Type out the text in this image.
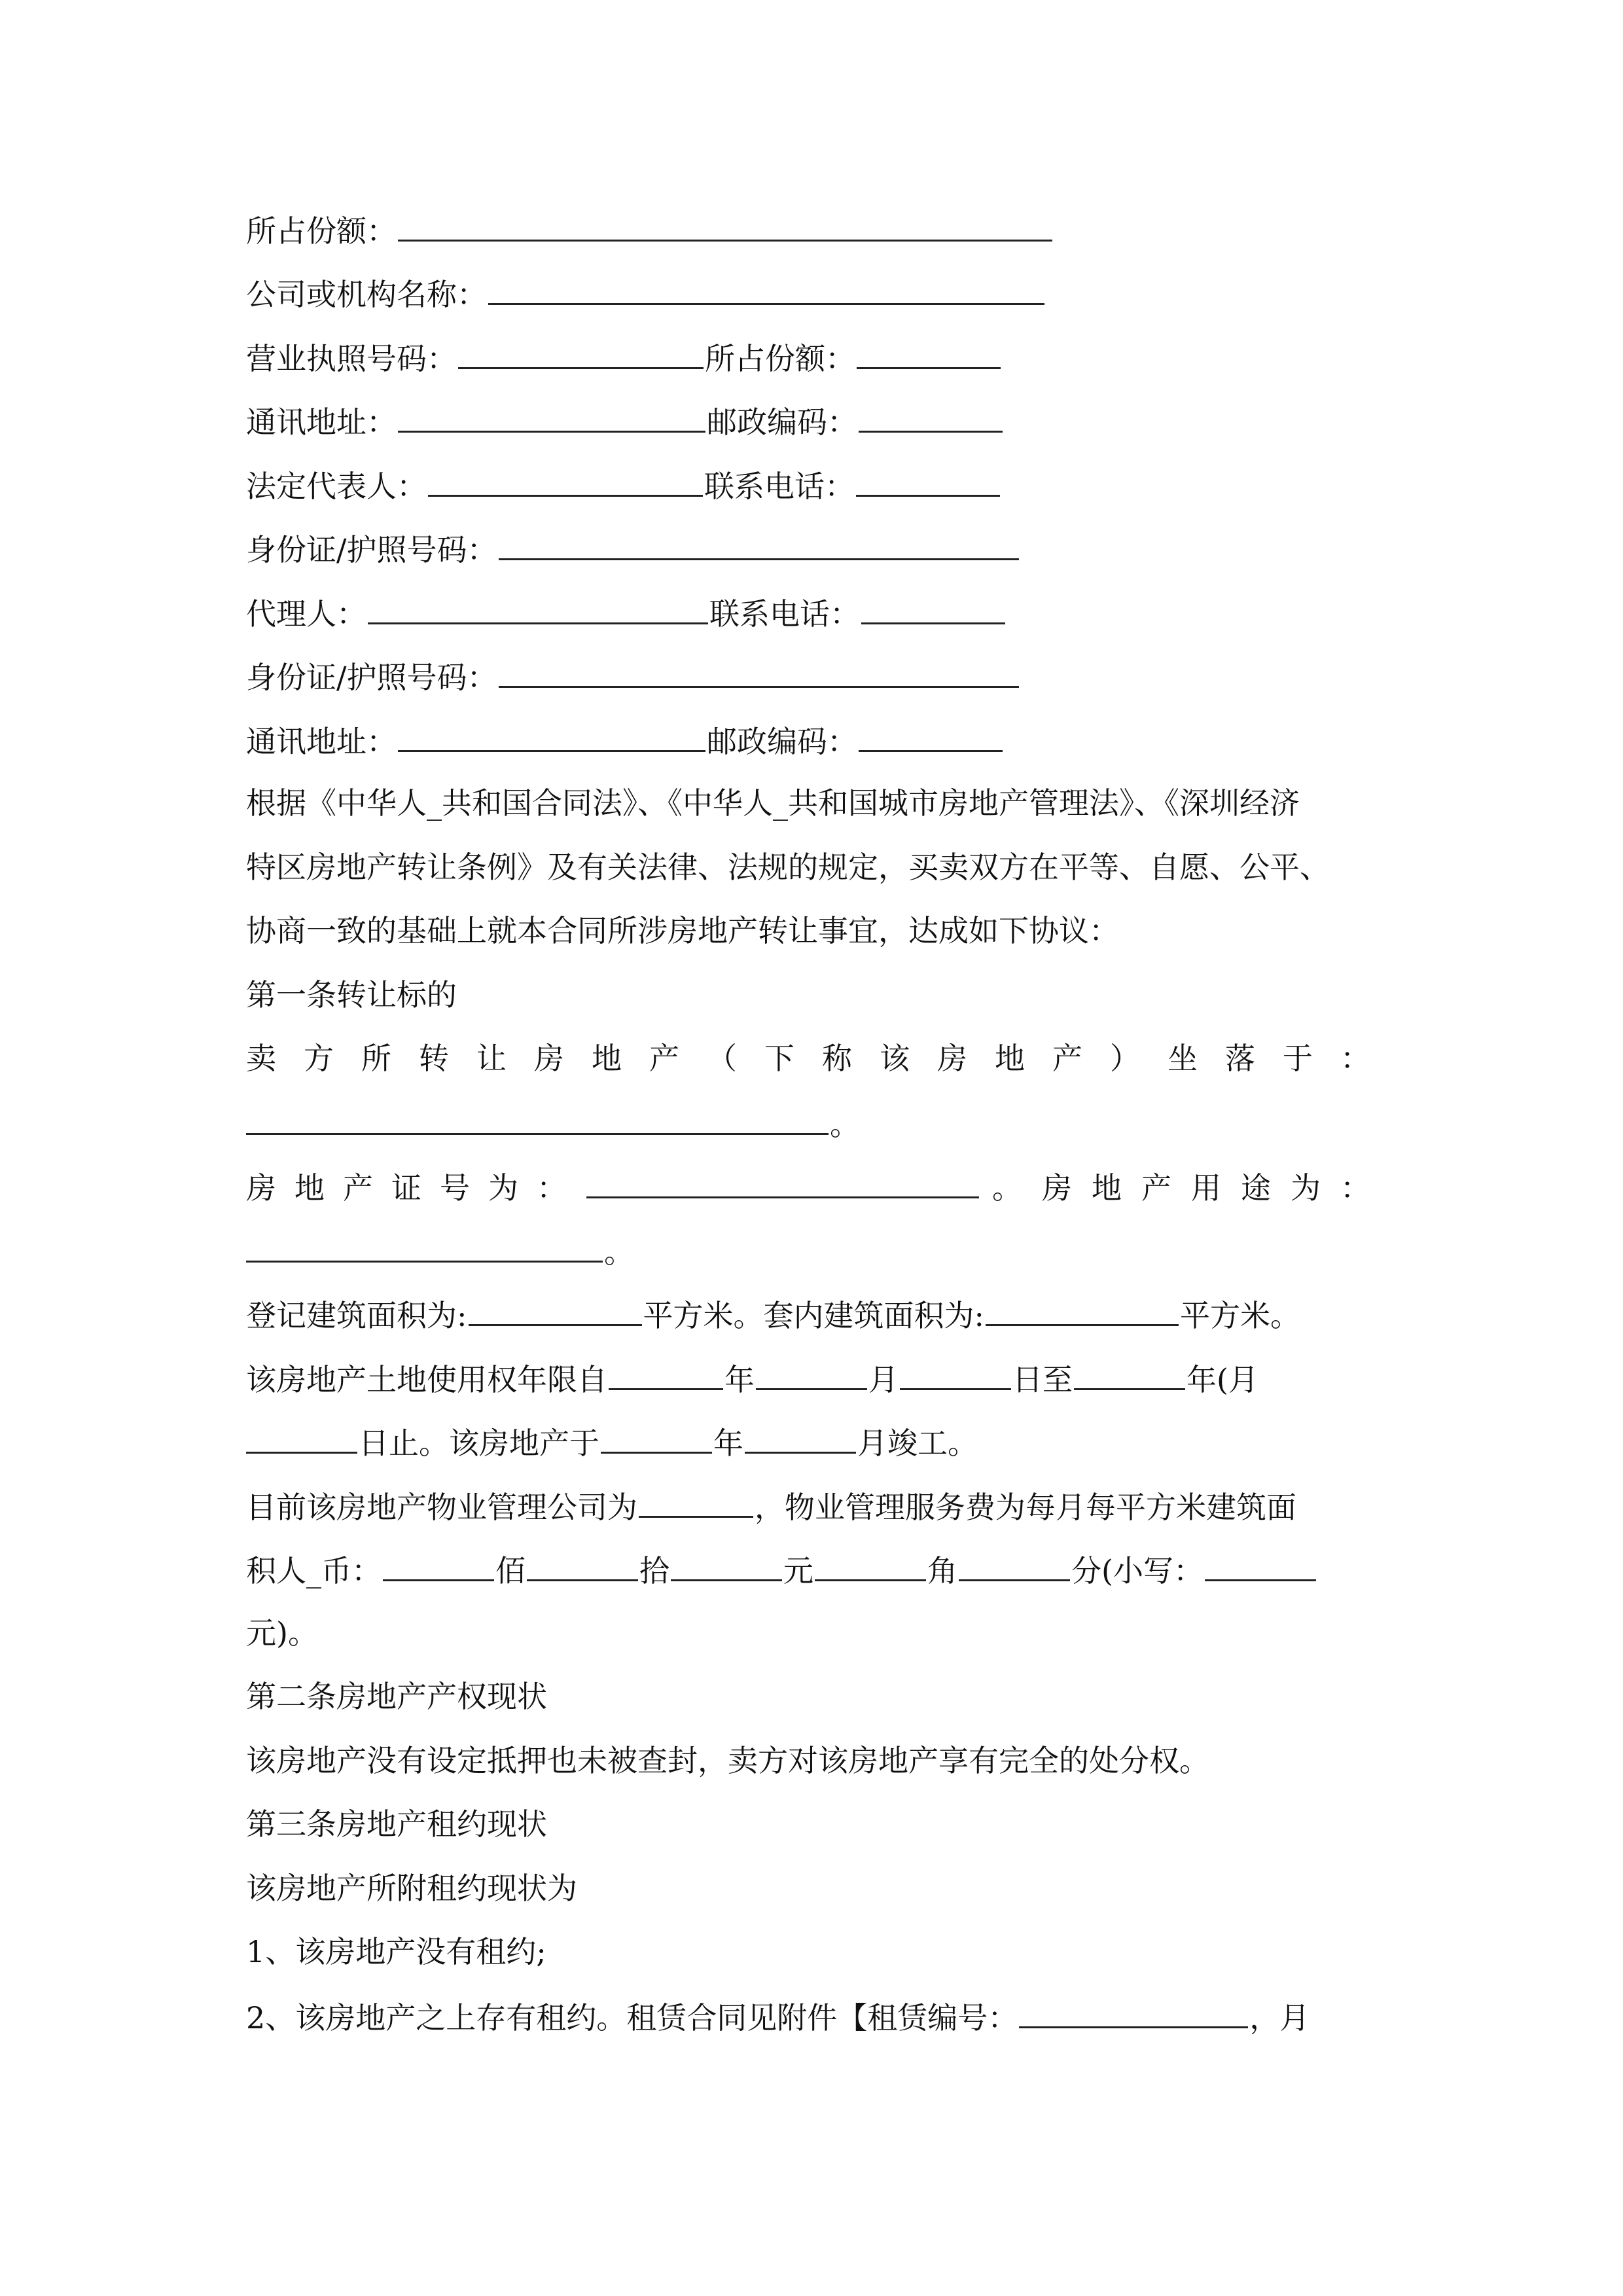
所占份额：
公司或机构名称：
营业执照号码：	所占份额：
通讯地址：	邮政编码：
法定代表人：	联系电话：
身份证/护照号码：
代理人：	联系电话：
身份证/护照号码：
通讯地址：	邮政编码：
根据《中华人_共和国合同法》、《中华人_共和国城市房地产管理法》、《深圳经济
特区房地产转让条例》及有关法律、法规的规定，买卖双方在平等、自愿、公平、
协商一致的基础上就本合同所涉房地产转让事宜，达成如下协议：
第一条转让标的
卖方所转让房地产（下称该房地产）坐落于：
。
房地产证号为：	。房地产用途为：
。
登记建筑面积为:	平方米。套内建筑面积为:	平方米。
该房地产土地使用权年限自	年	月	日至	年(月
日止。该房地产于	年	月竣工。
目前该房地产物业管理公司为	，物业管理服务费为每月每平方米建筑面
积人_币：	佰	拾	元	角	分(小写：
元)。
第二条房地产产权现状
该房地产没有设定抵押也未被查封，卖方对该房地产享有完全的处分权。
第三条房地产租约现状
该房地产所附租约现状为
1、该房地产没有租约;
2、该房地产之上存有租约。租赁合同见附件【租赁编号：	，月
